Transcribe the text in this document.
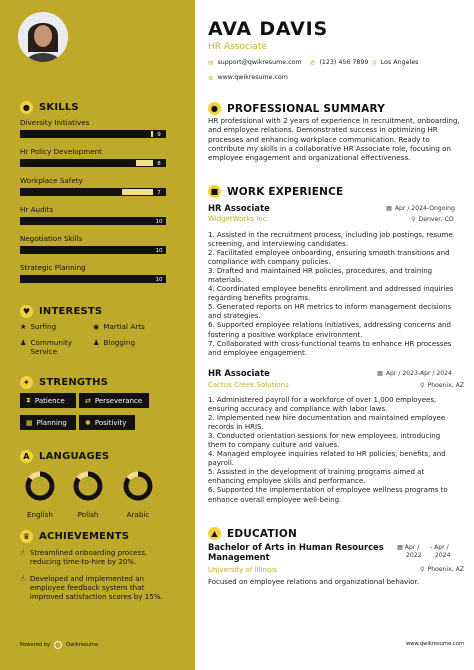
● SKILLS
Diversity Initiatives
9
Hr Policy Development
8
Workplace Safety
7
Hr Audits
10
Negotiation Skills
10
Strategic Planning
10
♥ INTERESTS
★ Surfing	◉ Martial Arts
♟ Community Service
♟ Blogging
✦ STRENGTHS
⧗ Patience	⇄ Perseverance
▦ Planning	✺ Positivity
A LANGUAGES
English	Polish	Arabic
♛ ACHIEVEMENTS
☝ Streamlined onboarding process, reducing time-to-hire by 20%.
☝ Developed and implemented an employee feedback system that improved satisfaction scores by 15%.
Powered by	Qwikresume
AVA DAVIS
HR Associate
✉ support@qwikresume.com ✆ (123) 456 7899 ⚲ Los Angeles
⊕ www.qwikresume.com
● PROFESSIONAL SUMMARY
HR professional with 2 years of experience in recruitment, onboarding, and employee relations. Demonstrated success in optimizing HR processes and enhancing workplace communication. Ready to contribute my skills in a collaborative HR Associate role, focusing on employee engagement and organizational effectiveness.
■ WORK EXPERIENCE
HR Associate
WidgetWorks Inc.
▦ Apr / 2024-Ongoing
⚲ Denver, CO
1. Assisted in the recruitment process, including job postings, resume screening, and interviewing candidates.
2. Facilitated employee onboarding, ensuring smooth transitions and compliance with company policies.
3. Drafted and maintained HR policies, procedures, and training materials.
4. Coordinated employee benefits enrollment and addressed inquiries regarding benefits programs.
5. Generated reports on HR metrics to inform management decisions and strategies.
6. Supported employee relations initiatives, addressing concerns and fostering a positive workplace environment.
7. Collaborated with cross-functional teams to enhance HR processes and employee engagement.
HR Associate
Cactus Creek Solutions
▦ Apr / 2023-Apr / 2024
⚲ Phoenix, AZ
1. Administered payroll for a workforce of over 1,000 employees, ensuring accuracy and compliance with labor laws.
2. Implemented new hire documentation and maintained employee records in HRIS.
3. Conducted orientation sessions for new employees, introducing them to company culture and values.
4. Managed employee inquiries related to HR policies, benefits, and payroll.
5. Assisted in the development of training programs aimed at enhancing employee skills and performance.
6. Supported the implementation of employee wellness programs to enhance overall employee well-being.
▲ EDUCATION
Bachelor of Arts in Human Resources Management
▦ Apr /
2022
- Apr /
2024
⚲ Phoenix, AZ
University of Illinois
Focused on employee relations and organizational behavior.
www.qwikresume.com
